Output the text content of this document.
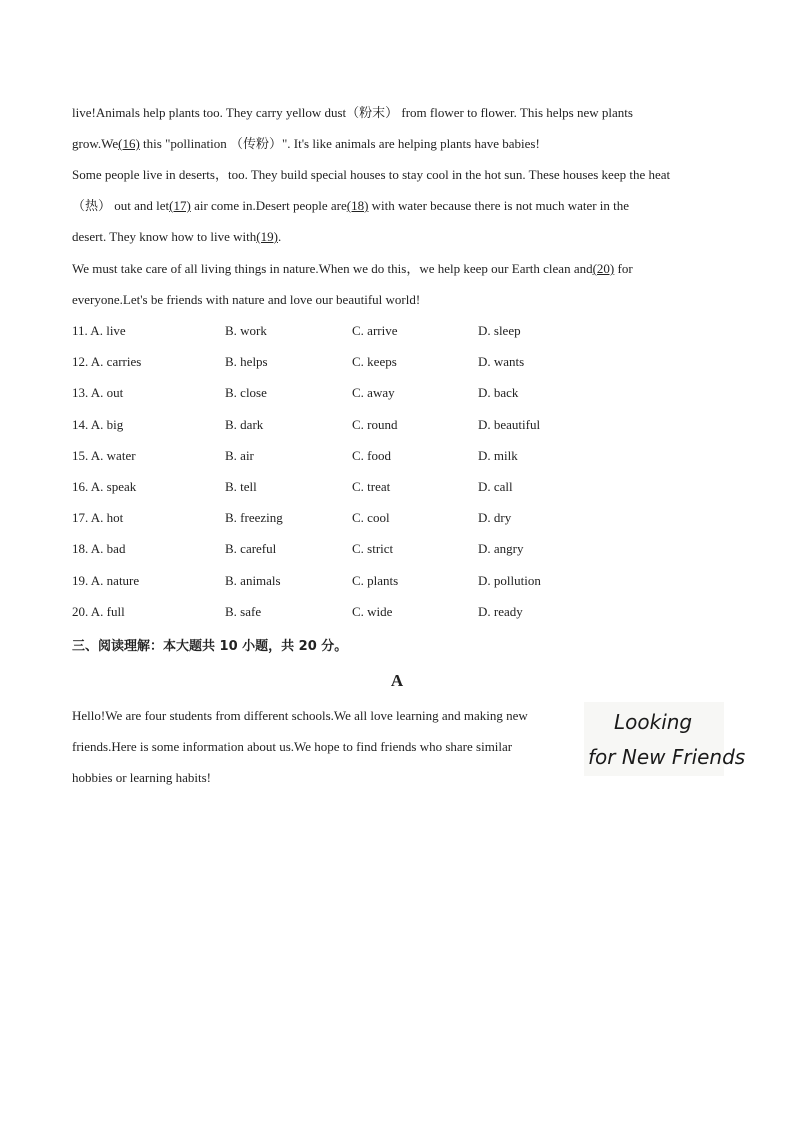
live!Animals help plants too. They carry yellow dust（粉末） from flower to flower. This helps new plants
grow.We(16) this "pollination （传粉）". It's like animals are helping plants have babies!
Some people live in deserts，too. They build special houses to stay cool in the hot sun. These houses keep the heat
（热） out and let(17) air come in.Desert people are(18) with water because there is not much water in the
desert. They know how to live with(19).
We must take care of all living things in nature.When we do this，we help keep our Earth clean and(20) for
everyone.Let's be friends with nature and love our beautiful world!
11. A. live	B. work	C. arrive	D. sleep
12. A. carries	B. helps	C. keeps	D. wants
13. A. out	B. close	C. away	D. back
14. A. big	B. dark	C. round	D. beautiful
15. A. water	B. air	C. food	D. milk
16. A. speak	B. tell	C. treat	D. call
17. A. hot	B. freezing	C. cool	D. dry
18. A. bad	B. careful	C. strict	D. angry
19. A. nature	B. animals	C. plants	D. pollution
20. A. full	B. safe	C. wide	D. ready
三、阅读理解：本大题共 10 小题，共 20 分。
A
Hello!We are four students from different schools.We all love learning and making new
friends.Here is some information about us.We hope to find friends who share similar
hobbies or learning habits!
Looking
for New Friends
